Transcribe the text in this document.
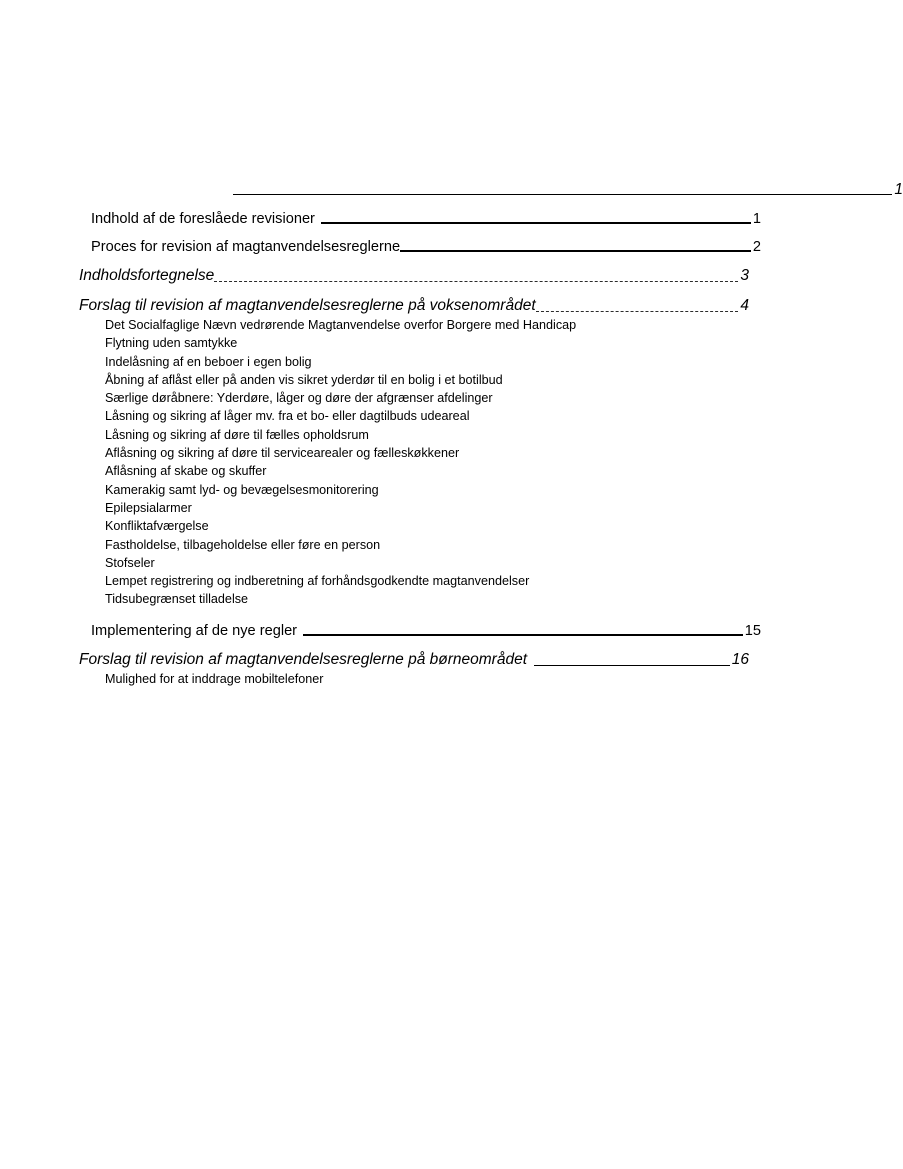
1
Indhold af de foreslåede revisioner	1
Proces for revision af magtanvendelsesreglerne	2
Indholdsfortegnelse	3
Forslag til revision af magtanvendelsesreglerne på voksenområdet	4
Det Socialfaglige Nævn vedrørende Magtanvendelse overfor Borgere med Handicap
Flytning uden samtykke
Indelåsning af en beboer i egen bolig
Åbning af aflåst eller på anden vis sikret yderdør til en bolig i et botilbud
Særlige døråbnere: Yderdøre, låger og døre der afgrænser afdelinger
Låsning og sikring af låger mv. fra et bo- eller dagtilbuds udeareal
Låsning og sikring af døre til fælles opholdsrum
Aflåsning og sikring af døre til servicearealer og fælleskøkkener
Aflåsning af skabe og skuffer
Kamerakig samt lyd- og bevægelsesmonitorering
Epilepsialarmer
Konfliktafværgelse
Fastholdelse, tilbageholdelse eller føre en person
Stofseler
Lempet registrering og indberetning af forhåndsgodkendte magtanvendelser
Tidsubegrænset tilladelse
Implementering af de nye regler	15
Forslag til revision af magtanvendelsesreglerne på børneområdet	16
Mulighed for at inddrage mobiltelefoner
